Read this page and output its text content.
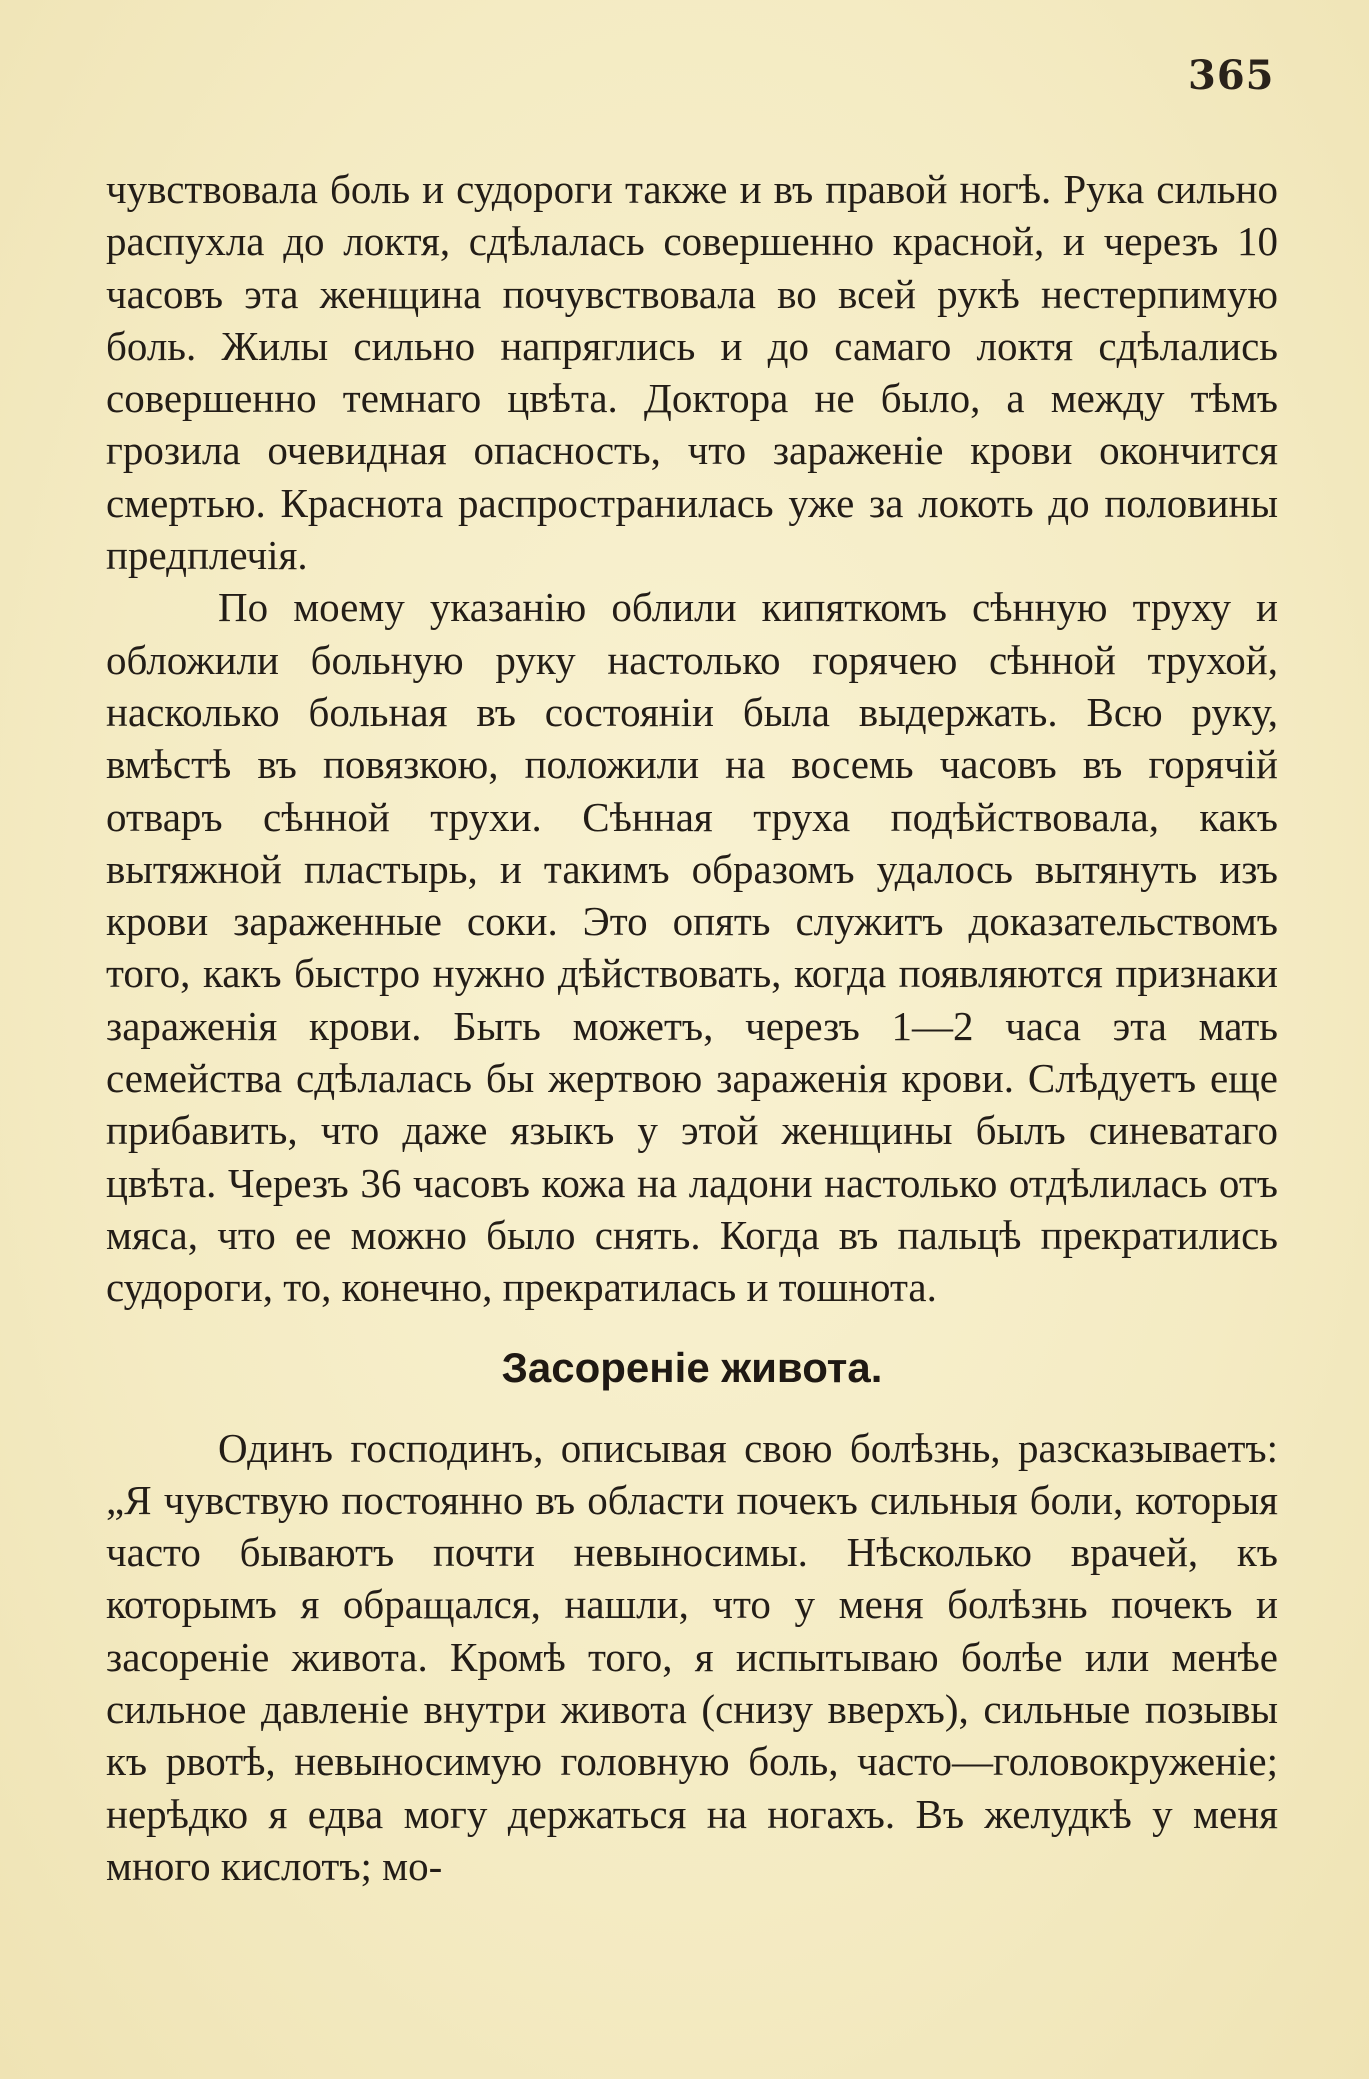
365

чувствовала боль и судороги также и въ правой ногѣ. Рука сильно распухла до локтя, сдѣлалась совершенно красной, и черезъ 10 часовъ эта женщина почувствовала во всей рукѣ нестерпимую боль. Жилы сильно напряглись и до самаго локтя сдѣлались совершенно темнаго цвѣта. Доктора не было, а между тѣмъ грозила очевидная опасность, что зараженіе крови окончится смертью. Краснота распространилась уже за локоть до половины предплечія.

По моему указанію облили кипяткомъ сѣнную труху и обложили больную руку настолько горячею сѣнной трухой, насколько больная въ состояніи была выдержать. Всю руку, вмѣстѣ въ повязкою, положили на восемь часовъ въ горячій отваръ сѣнной трухи. Сѣнная труха подѣйствовала, какъ вытяжной пластырь, и такимъ образомъ удалось вытянуть изъ крови зараженные соки. Это опять служитъ доказательствомъ того, какъ быстро нужно дѣйствовать, когда появляются признаки зараженія крови. Быть можетъ, черезъ 1—2 часа эта мать семейства сдѣлалась бы жертвою зараженія крови. Слѣдуетъ еще прибавить, что даже языкъ у этой женщины былъ синеватаго цвѣта. Черезъ 36 часовъ кожа на ладони настолько отдѣлилась отъ мяса, что ее можно было снять. Когда въ пальцѣ прекратились судороги, то, конечно, прекратилась и тошнота.

Засореніе живота.

Одинъ господинъ, описывая свою болѣзнь, разсказываетъ: „Я чувствую постоянно въ области почекъ сильныя боли, которыя часто бываютъ почти невыносимы. Нѣсколько врачей, къ которымъ я обращался, нашли, что у меня болѣзнь почекъ и засореніе живота. Кромѣ того, я испытываю болѣе или менѣе сильное давленіе внутри живота (снизу вверхъ), сильные позывы къ рвотѣ, невыносимую головную боль, часто—головокруженіе; нерѣдко я едва могу держаться на ногахъ. Въ желудкѣ у меня много кислотъ; мо-
